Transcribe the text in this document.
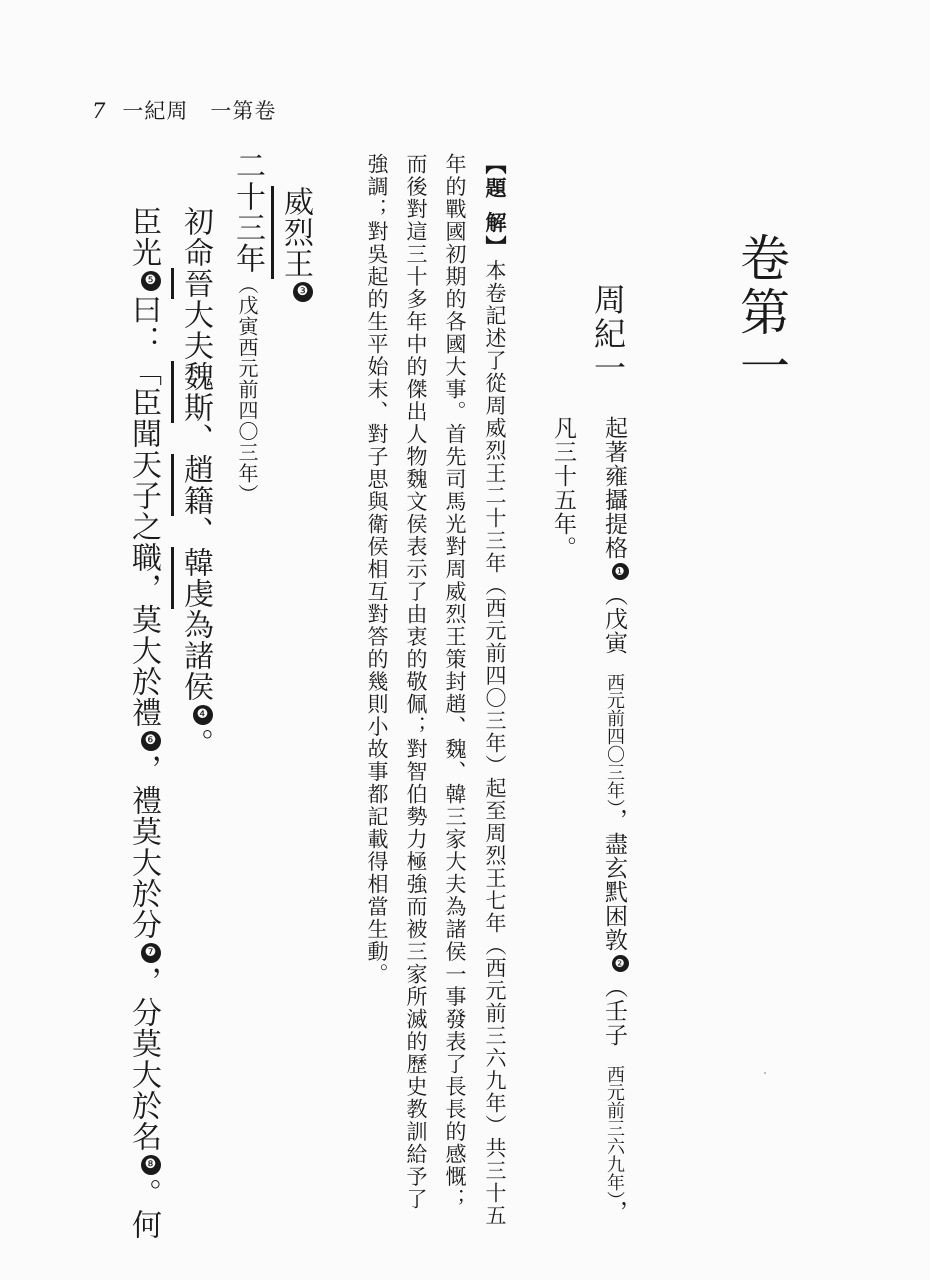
7 一紀周 一第卷
卷第一
周紀一
起著雍攝提格❶（戊寅西元前四〇三年），盡玄黓困敦❷（壬子西元前三六九年），
凡三十五年。
【題 解】本卷記述了從周威烈王二十三年（西元前四〇三年）起至周烈王七年（西元前三六九年）共三十五
年的戰國初期的各國大事。首先司馬光對周威烈王策封趙、魏、韓三家大夫為諸侯一事發表了長長的感慨；
而後對這三十多年中的傑出人物魏文侯表示了由衷的敬佩；對智伯勢力極強而被三家所滅的歷史教訓給予了
強調；對吳起的生平始末、對子思與衛侯相互對答的幾則小故事都記載得相當生動。
威烈王❸
二十三年（戊寅西元前四〇三年）
初命晉大夫魏斯、趙籍、韓虔為諸侯❹。
臣光❺曰：「臣聞天子之職，莫大於禮❻，禮莫大於分❼，分莫大於名❽。何
